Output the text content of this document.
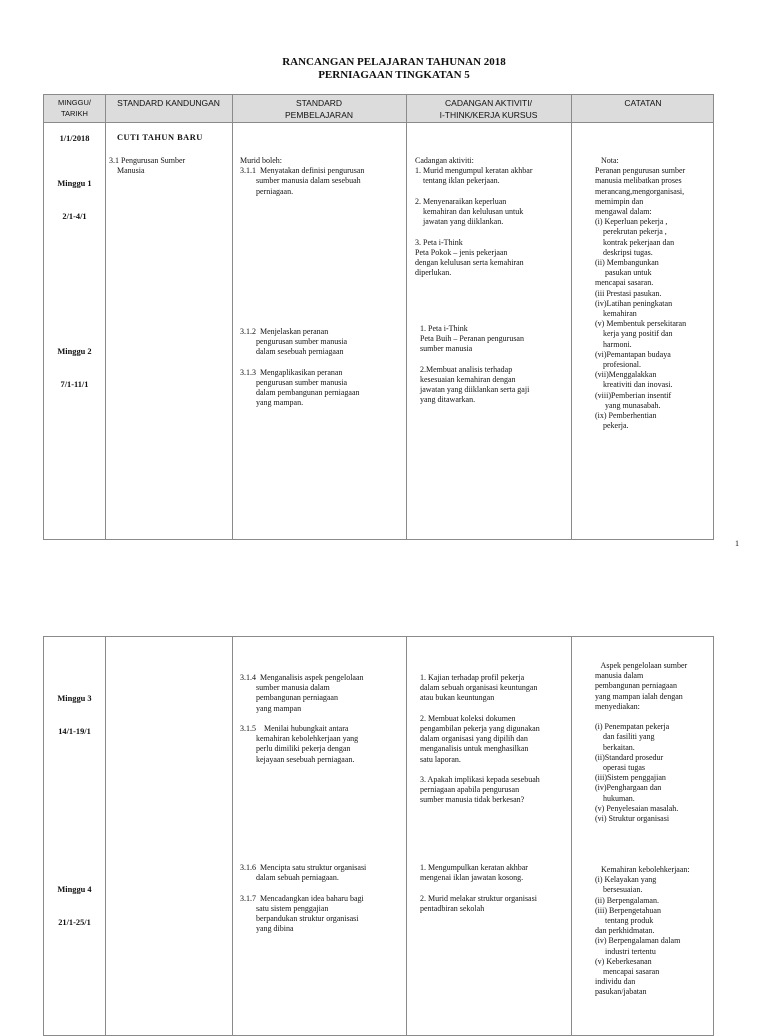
RANCANGAN PELAJARAN TAHUNAN 2018
PERNIAGAAN TINGKATAN 5
MINGGU/
TARIKH
STANDARD KANDUNGAN	STANDARD
PEMBELAJARAN
CADANGAN AKTIVITI/
I-THINK/KERJA KURSUS
CATATAN
1/1/2018	CUTI TAHUN BARU

Minggu 1

2/1-4/1

3.1 Pengurusan Sumber
Manusia
Murid boleh:
3.1.1  Menyatakan definisi pengurusan
sumber manusia dalam sesebuah
perniagaan.
Cadangan aktiviti:
1. Murid mengumpul keratan akhbar
tentang iklan pekerjaan.

2. Menyenaraikan keperluan
kemahiran dan kelulusan untuk
jawatan yang diiklankan.

3. Peta i-Think
Peta Pokok – jenis pekerjaan
dengan kelulusan serta kemahiran
diperlukan.
Nota:
Peranan pengurusan sumber
manusia melibatkan proses
merancang,mengorganisasi,
memimpin dan
mengawal dalam:
(i) Keperluan pekerja ,
perekrutan pekerja ,
kontrak pekerjaan dan
deskripsi tugas.
(ii) Membangunkan
pasukan untuk
mencapai sasaran.
(iii Prestasi pasukan.
(iv)Latihan peningkatan
kemahiran
(v) Membentuk persekitaran
kerja yang positif dan
harmoni.
(vi)Pemantapan budaya
profesional.
(vii)Menggalakkan
kreativiti dan inovasi.
(viii)Pemberian insentif
yang munasabah.
(ix) Pemberhentian
pekerja.

Minggu 2

7/1-11/1

3.1.2  Menjelaskan peranan
pengurusan sumber manusia
dalam sesebuah perniagaan

3.1.3  Mengaplikasikan peranan
pengurusan sumber manusia
dalam pembangunan perniagaan
yang mampan.
1. Peta i-Think
Peta Buih – Peranan pengurusan
sumber manusia

2.Membuat analisis terhadap
kesesuaian kemahiran dengan
jawatan yang diiklankan serta gaji
yang ditawarkan.
1

Minggu 3

14/1-19/1

3.1.4  Menganalisis aspek pengelolaan
sumber manusia dalam
pembangunan perniagaan
yang mampan

3.1.5    Menilai hubungkait antara
kemahiran kebolehkerjaan yang
perlu dimiliki pekerja dengan
kejayaan sesebuah perniagaan.
1. Kajian terhadap profil pekerja
dalam sebuah organisasi keuntungan
atau bukan keuntungan

2. Membuat koleksi dokumen
pengambilan pekerja yang digunakan
dalam organisasi yang dipilih dan
menganalisis untuk menghasilkan
satu laporan.

3. Apakah implikasi kepada sesebuah
perniagaan apabila pengurusan
sumber manusia tidak berkesan?
Aspek pengelolaan sumber
manusia dalam
pembangunan perniagaan
yang mampan ialah dengan
menyediakan:

(i) Penempatan pekerja
dan fasiliti yang
berkaitan.
(ii)Standard prosedur
operasi tugas
(iii)Sistem penggajian
(iv)Penghargaan dan
hukuman.
(v) Penyelesaian masalah.
(vi) Struktur organisasi

Minggu 4

21/1-25/1

3.1.6  Mencipta satu struktur organisasi
dalam sebuah perniagaan.

3.1.7  Mencadangkan idea baharu bagi
satu sistem penggajian
berpandukan struktur organisasi
yang dibina
1. Mengumpulkan keratan akhbar
mengenai iklan jawatan kosong.

2. Murid melakar struktur organisasi
pentadbiran sekolah
Kemahiran kebolehkerjaan:
(i) Kelayakan yang
bersesuaian.
(ii) Berpengalaman.
(iii) Berpengetahuan
tentang produk
dan perkhidmatan.
(iv) Berpengalaman dalam
industri tertentu
(v) Keberkesanan
mencapai sasaran
individu dan
pasukan/jabatan
